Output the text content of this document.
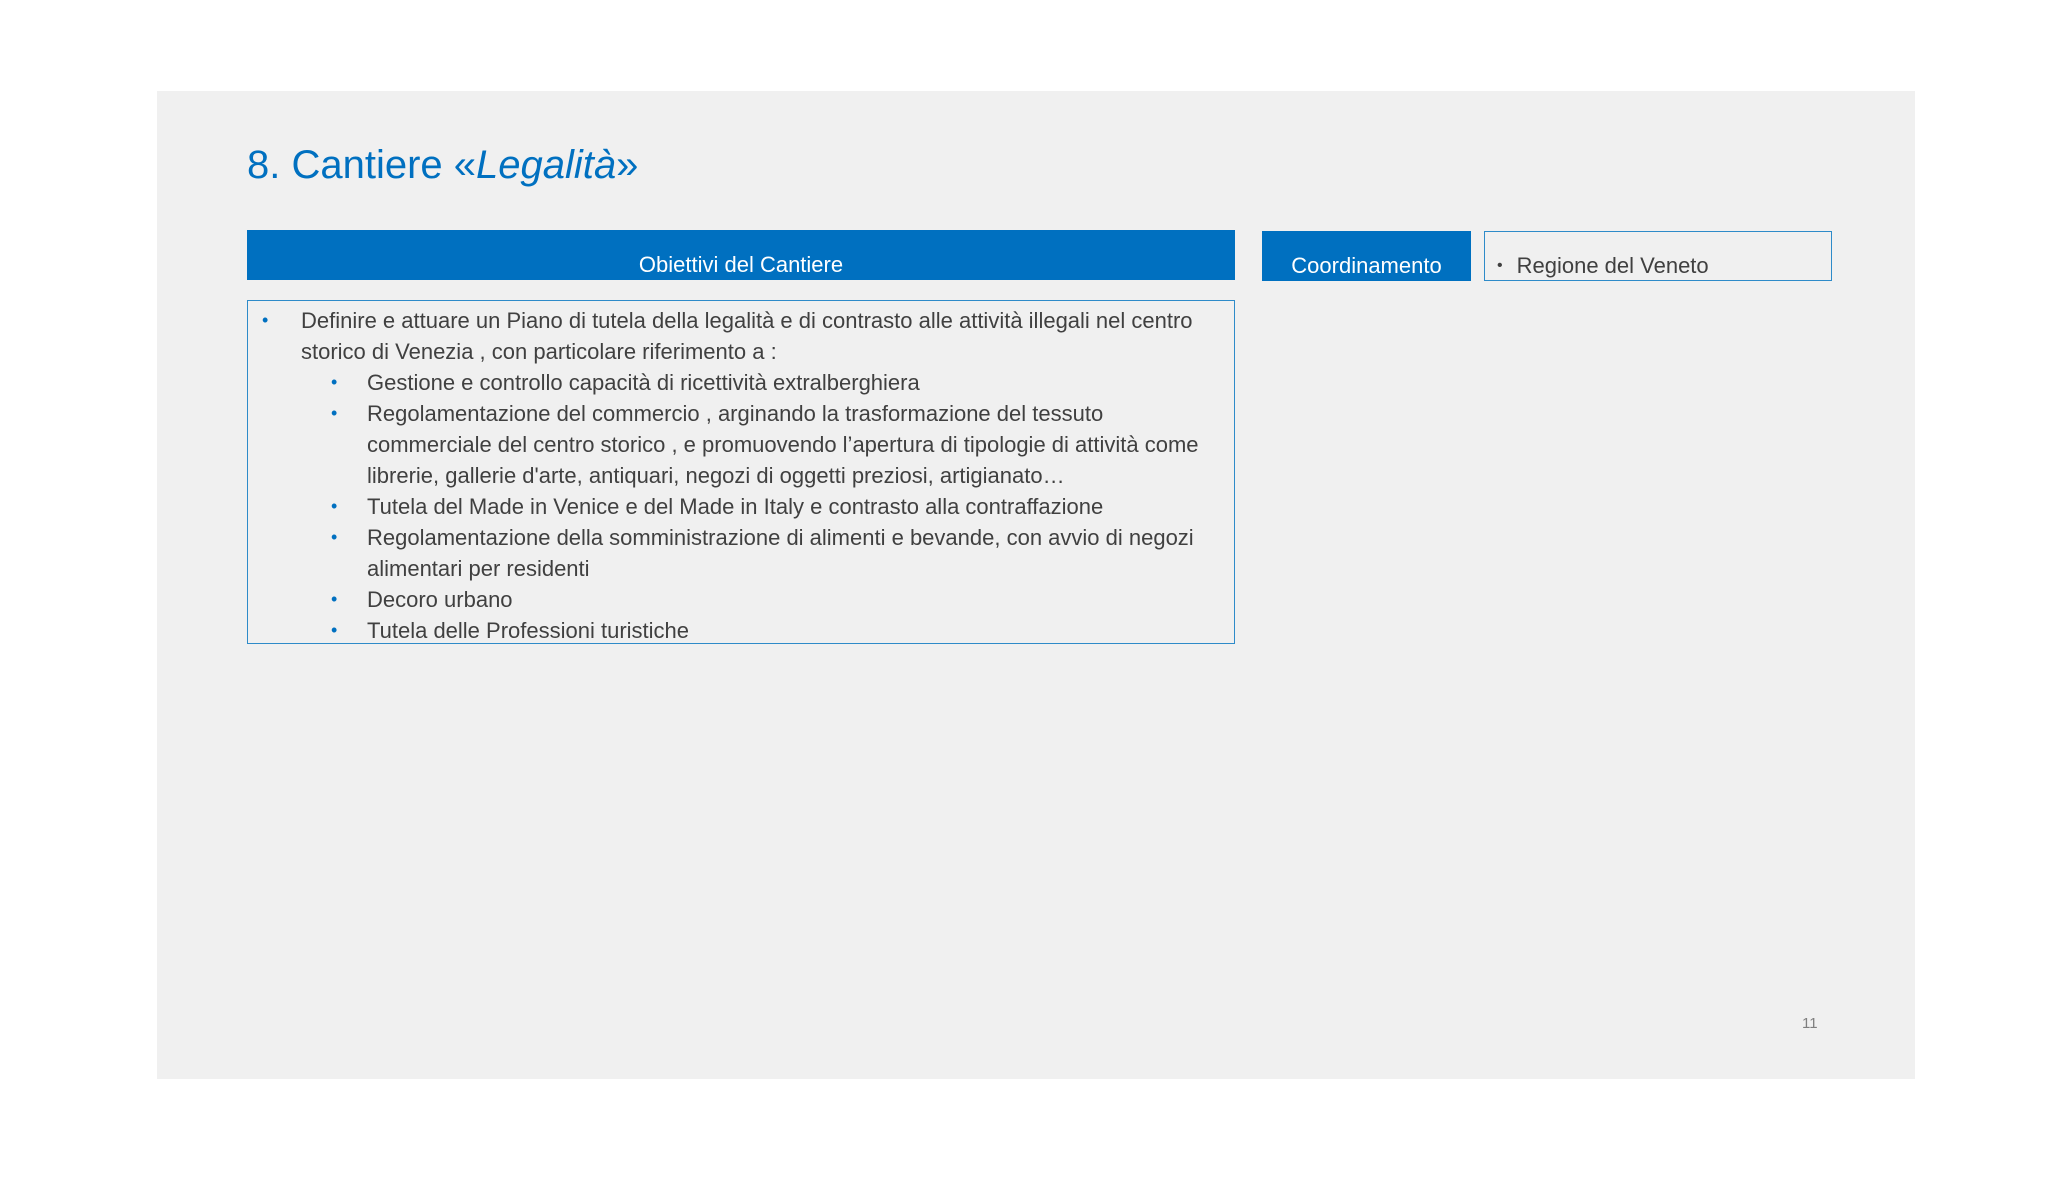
8. Cantiere «Legalità»
Obiettivi del Cantiere
• Definire e attuare un Piano di tutela della legalità e di contrasto alle attività illegali nel centro storico di Venezia , con particolare riferimento a :
• Gestione e controllo capacità di ricettività extralberghiera
• Regolamentazione del commercio , arginando la trasformazione del tessuto commerciale del centro storico , e promuovendo l’apertura di tipologie di attività come librerie, gallerie d'arte, antiquari, negozi di oggetti preziosi, artigianato…
• Tutela del Made in Venice e del Made in Italy e contrasto alla contraffazione
• Regolamentazione della somministrazione di alimenti e bevande, con avvio di negozi alimentari per residenti
• Decoro urbano
• Tutela delle Professioni turistiche
Coordinamento	• Regione del Veneto
11
